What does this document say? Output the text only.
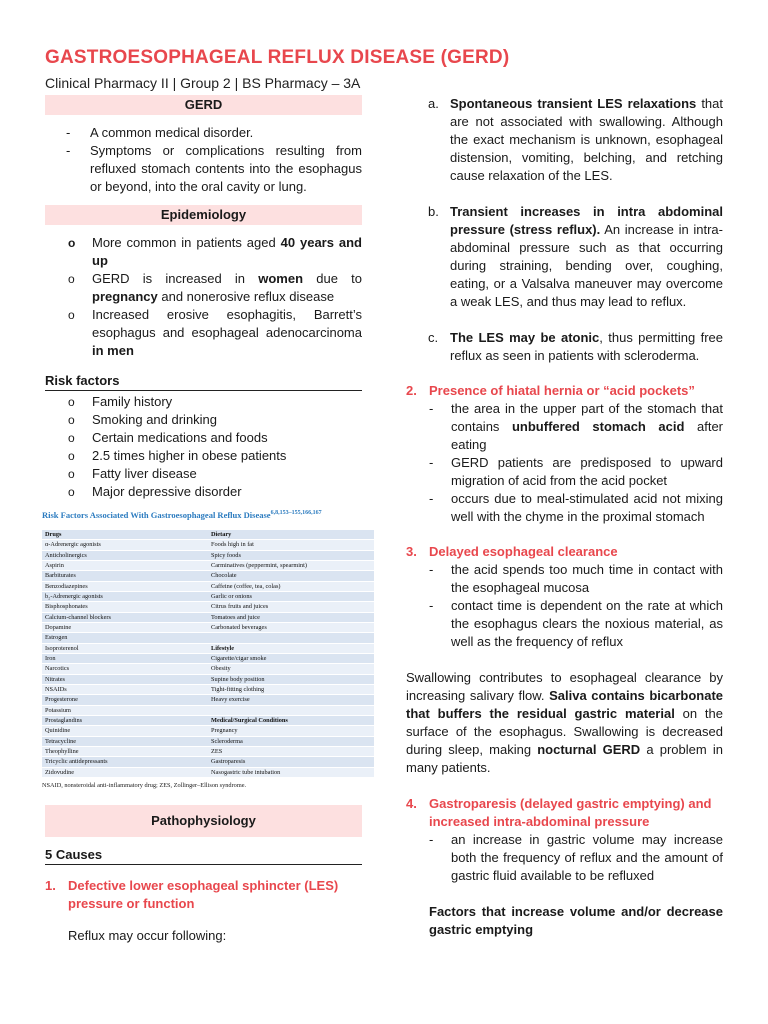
GASTROESOPHAGEAL REFLUX DISEASE (GERD)
Clinical Pharmacy II | Group 2 | BS Pharmacy – 3A
GERD
-	A common medical disorder.
-	Symptoms or complications resulting from refluxed stomach contents into the esophagus or beyond, into the oral cavity or lung.
Epidemiology
o	More common in patients aged 40 years and up
o	GERD is increased in women due to pregnancy and nonerosive reflux disease
o	Increased erosive esophagitis, Barrett’s esophagus and esophageal adenocarcinoma in men
Risk factors
o	Family history
o	Smoking and drinking
o	Certain medications and foods
o	2.5 times higher in obese patients
o	Fatty liver disease
o	Major depressive disorder
Risk Factors Associated With Gastroesophageal Reflux Disease$^{6,8,153-155,166,167}$
Drugs	Dietary
α-Adrenergic agonists	Foods high in fat
Anticholinergics	Spicy foods
Aspirin	Carminatives (peppermint, spearmint)
Barbiturates	Chocolate
Benzodiazepines	Caffeine (coffee, tea, colas)
b₂-Adrenergic agonists	Garlic or onions
Bisphosphonates	Citrus fruits and juices
Calcium-channel blockers	Tomatoes and juice
Dopamine	Carbonated beverages
Estrogen	
Isoproterenol	Lifestyle
Iron	Cigarette/cigar smoke
Narcotics	Obesity
Nitrates	Supine body position
NSAIDs	Tight-fitting clothing
Progesterone	Heavy exercise
Potassium	
Prostaglandins	Medical/Surgical Conditions
Quinidine	Pregnancy
Tetracycline	Scleroderma
Theophylline	ZES
Tricyclic antidepressants	Gastroparesis
Zidovudine	Nasogastric tube intubation
NSAID, nonsteroidal anti-inflammatory drug; ZES, Zollinger–Ellison syndrome.
Pathophysiology
5 Causes
1. Defective lower esophageal sphincter (LES) pressure or function
Reflux may occur following:
a. Spontaneous transient LES relaxations that are not associated with swallowing. Although the exact mechanism is unknown, esophageal distension, vomiting, belching, and retching cause relaxation of the LES.
b. Transient increases in intra abdominal pressure (stress reflux). An increase in intra-abdominal pressure such as that occurring during straining, bending over, coughing, eating, or a Valsalva maneuver may overcome a weak LES, and thus may lead to reflux.
c. The LES may be atonic, thus permitting free reflux as seen in patients with scleroderma.
2. Presence of hiatal hernia or “acid pockets”
-	the area in the upper part of the stomach that contains unbuffered stomach acid after eating
-	GERD patients are predisposed to upward migration of acid from the acid pocket
-	occurs due to meal-stimulated acid not mixing well with the chyme in the proximal stomach
3. Delayed esophageal clearance
-	the acid spends too much time in contact with the esophageal mucosa
-	contact time is dependent on the rate at which the esophagus clears the noxious material, as well as the frequency of reflux
Swallowing contributes to esophageal clearance by increasing salivary flow. Saliva contains bicarbonate that buffers the residual gastric material on the surface of the esophagus. Swallowing is decreased during sleep, making nocturnal GERD a problem in many patients.
4. Gastroparesis (delayed gastric emptying) and increased intra-abdominal pressure
-	an increase in gastric volume may increase both the frequency of reflux and the amount of gastric fluid available to be refluxed
Factors that increase volume and/or decrease gastric emptying
